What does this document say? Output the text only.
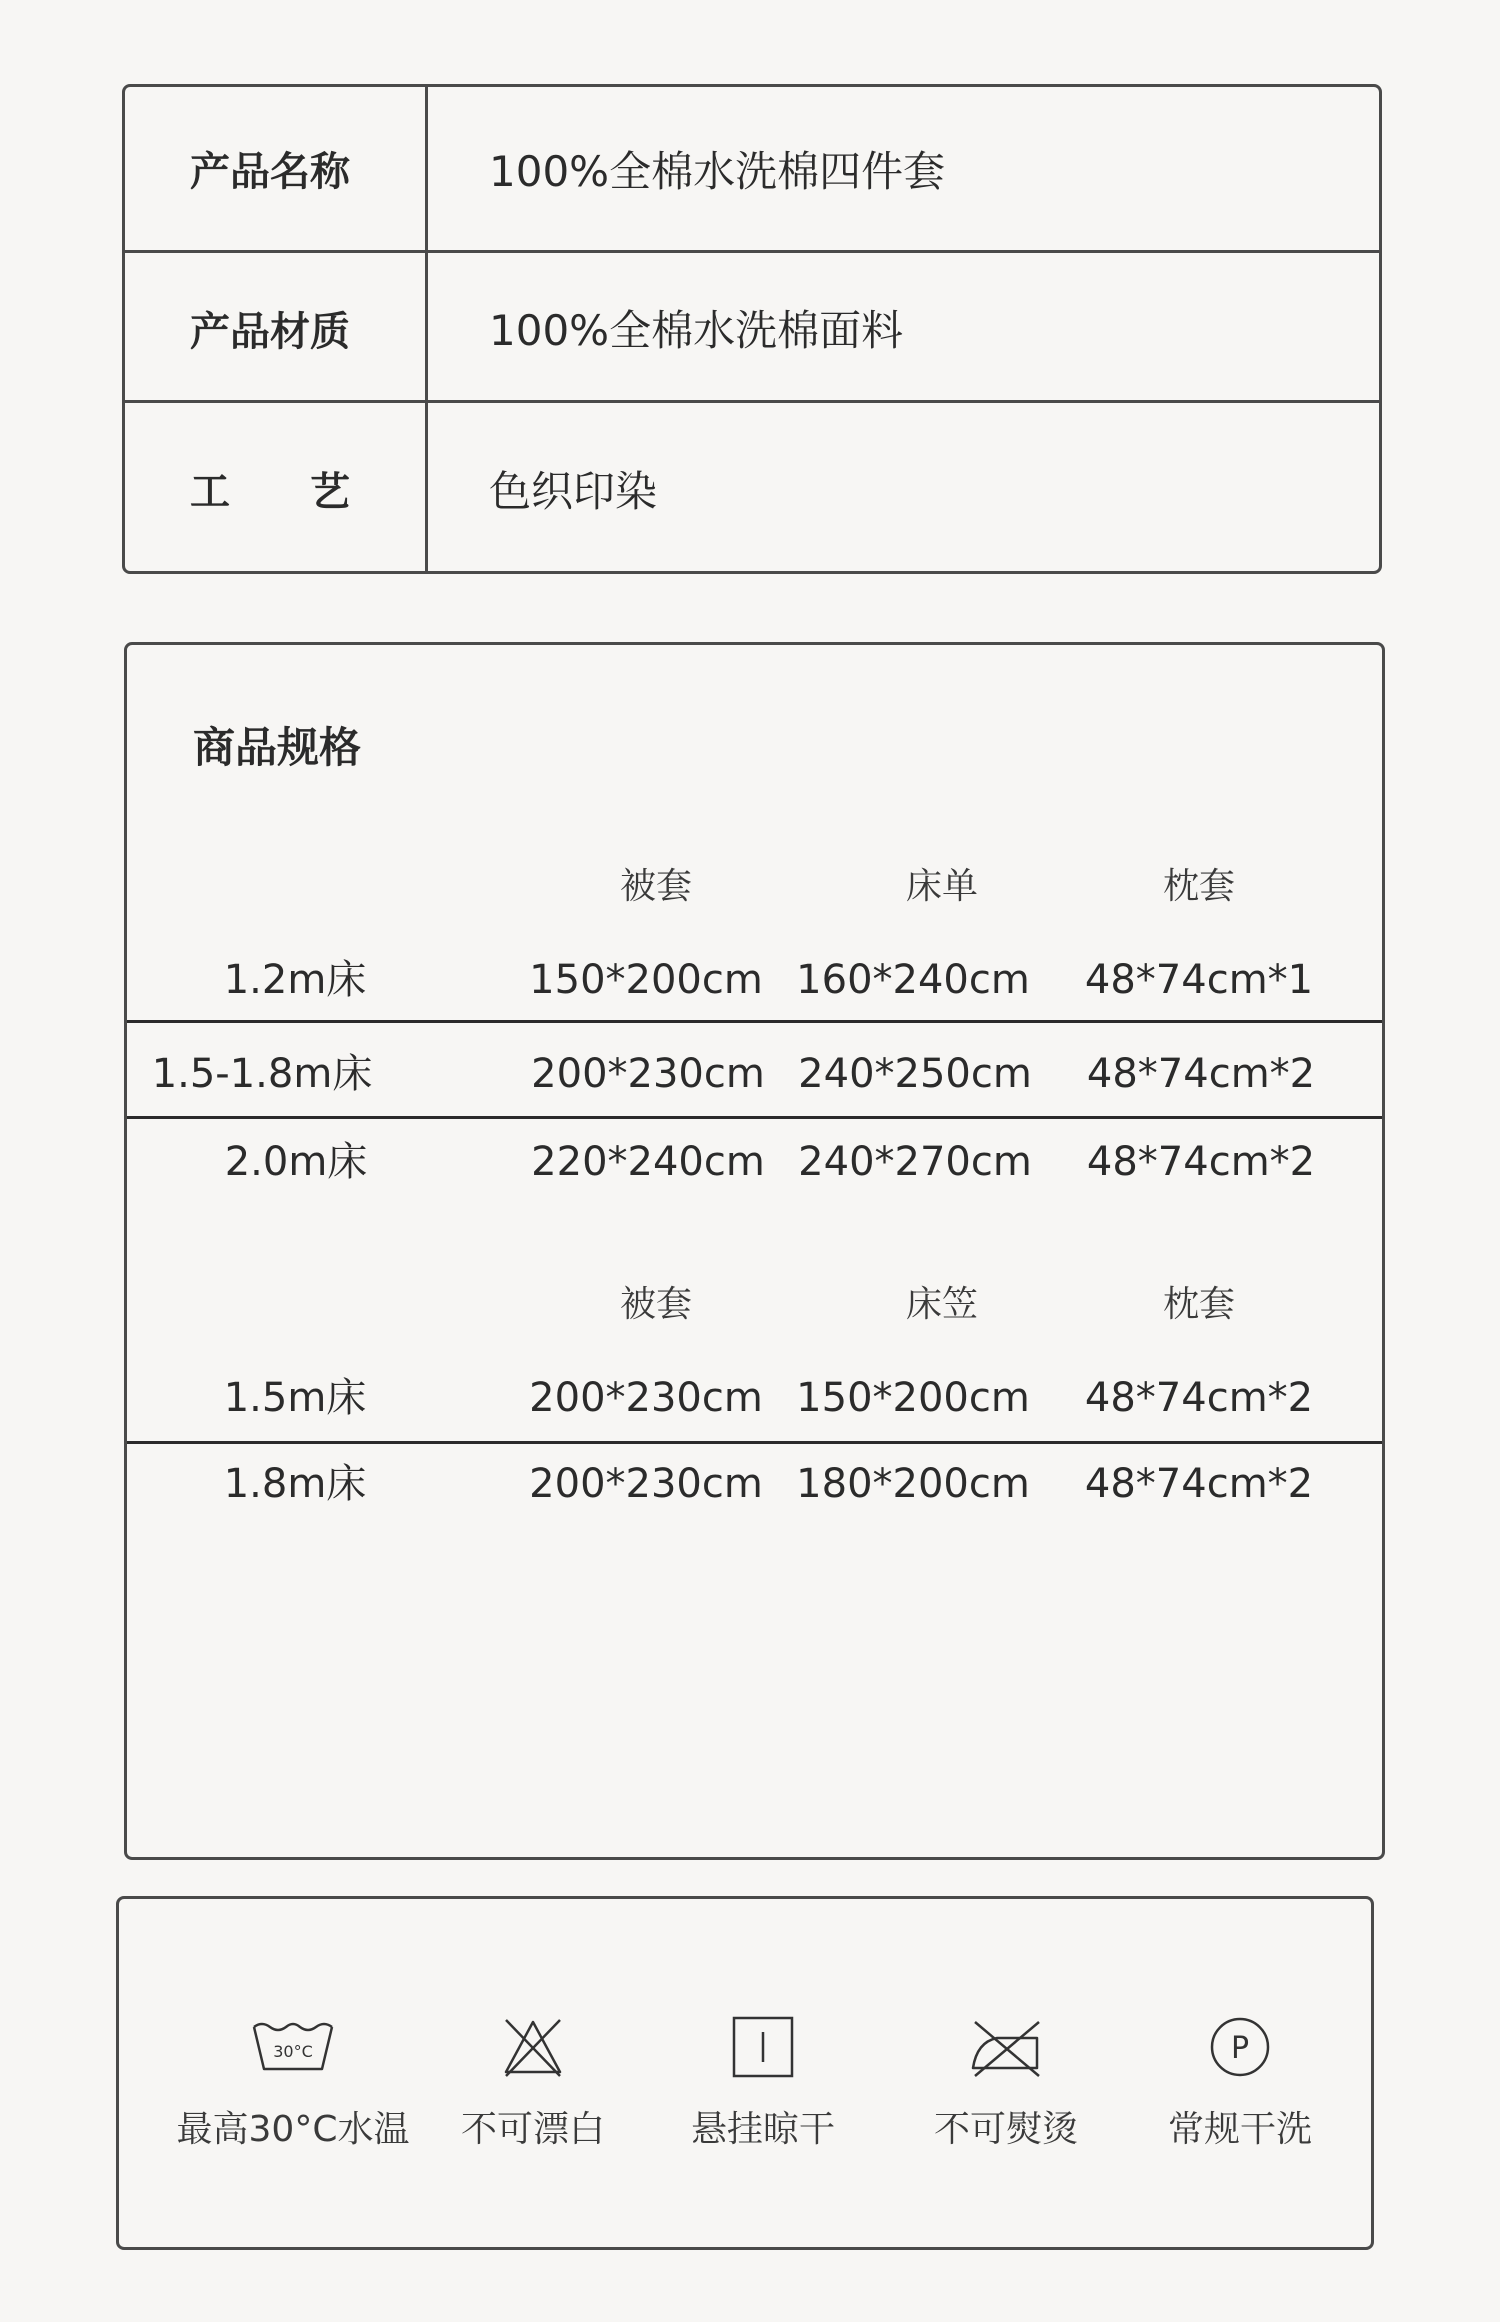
产品名称	100%全棉水洗棉四件套
产品材质	100%全棉水洗棉面料
工　　艺	色织印染
商品规格
被套	床单	枕套
1.2m床	150*200cm 160*240cm 48*74cm*1
1.5-1.8m床	200*230cm 240*250cm 48*74cm*2
2.0m床	220*240cm 240*270cm 48*74cm*2
被套	床笠	枕套
1.5m床	200*230cm 150*200cm 48*74cm*2
1.8m床	200*230cm 180*200cm 48*74cm*2
30°C
最高30°C水温	不可漂白	悬挂晾干	不可熨烫
P
常规干洗
